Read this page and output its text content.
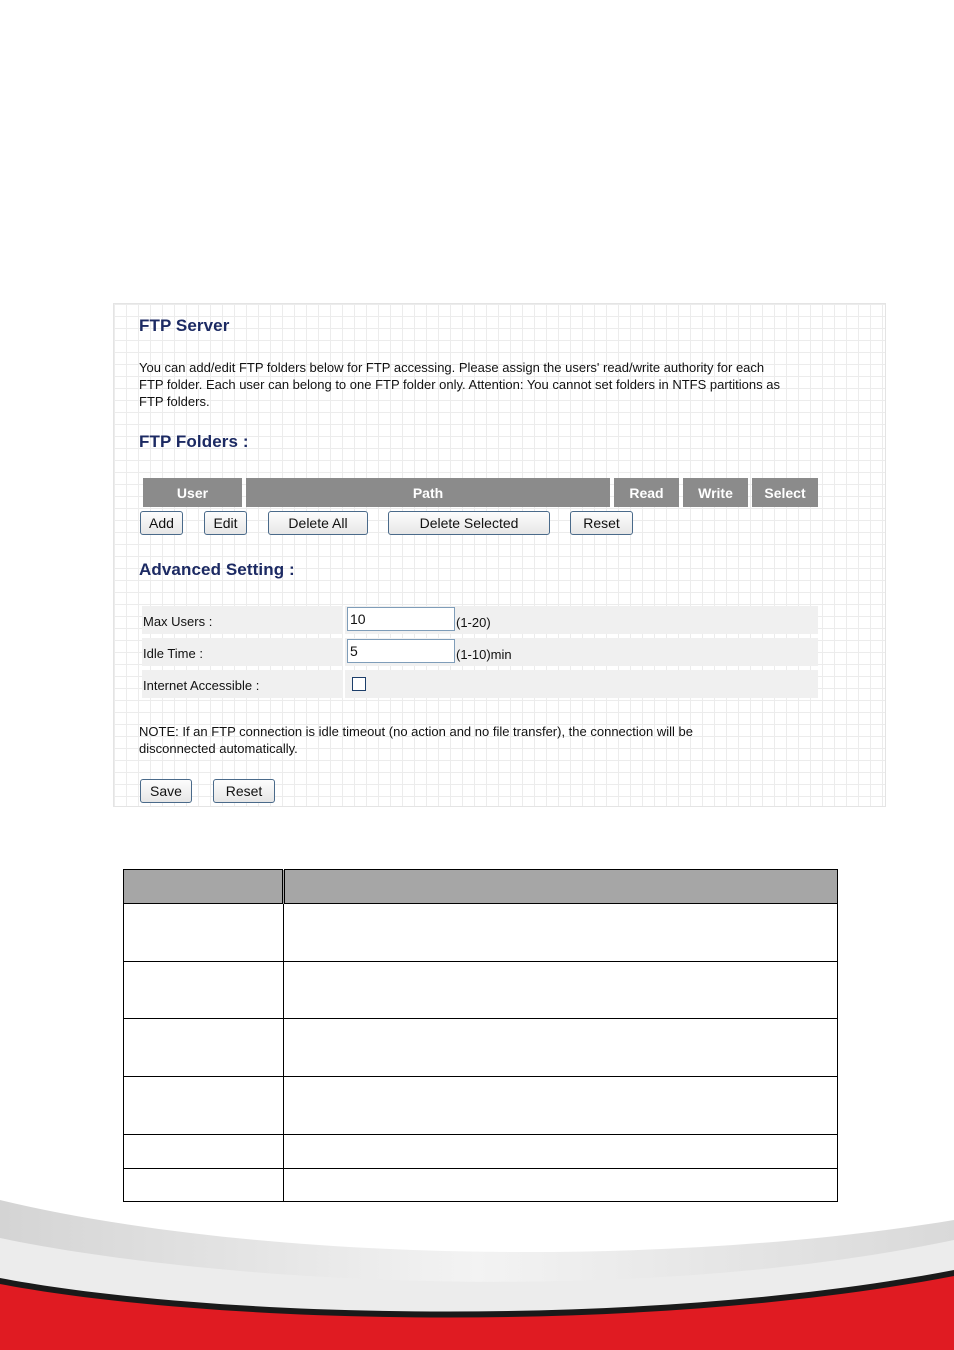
FTP Server
You can add/edit FTP folders below for FTP accessing. Please assign the users' read/write authority for each FTP folder. Each user can belong to one FTP folder only. Attention: You cannot set folders in NTFS partitions as FTP folders.
FTP Folders :
User	Path	Read	Write	Select
Add	Edit	Delete All	Delete Selected	Reset
Advanced Setting :
Max Users :
10	(1-20)
Idle Time :
5	(1-10)min
Internet Accessible :
NOTE: If an FTP connection is idle timeout (no action and no file transfer), the connection will be disconnected automatically.
Save	Reset
